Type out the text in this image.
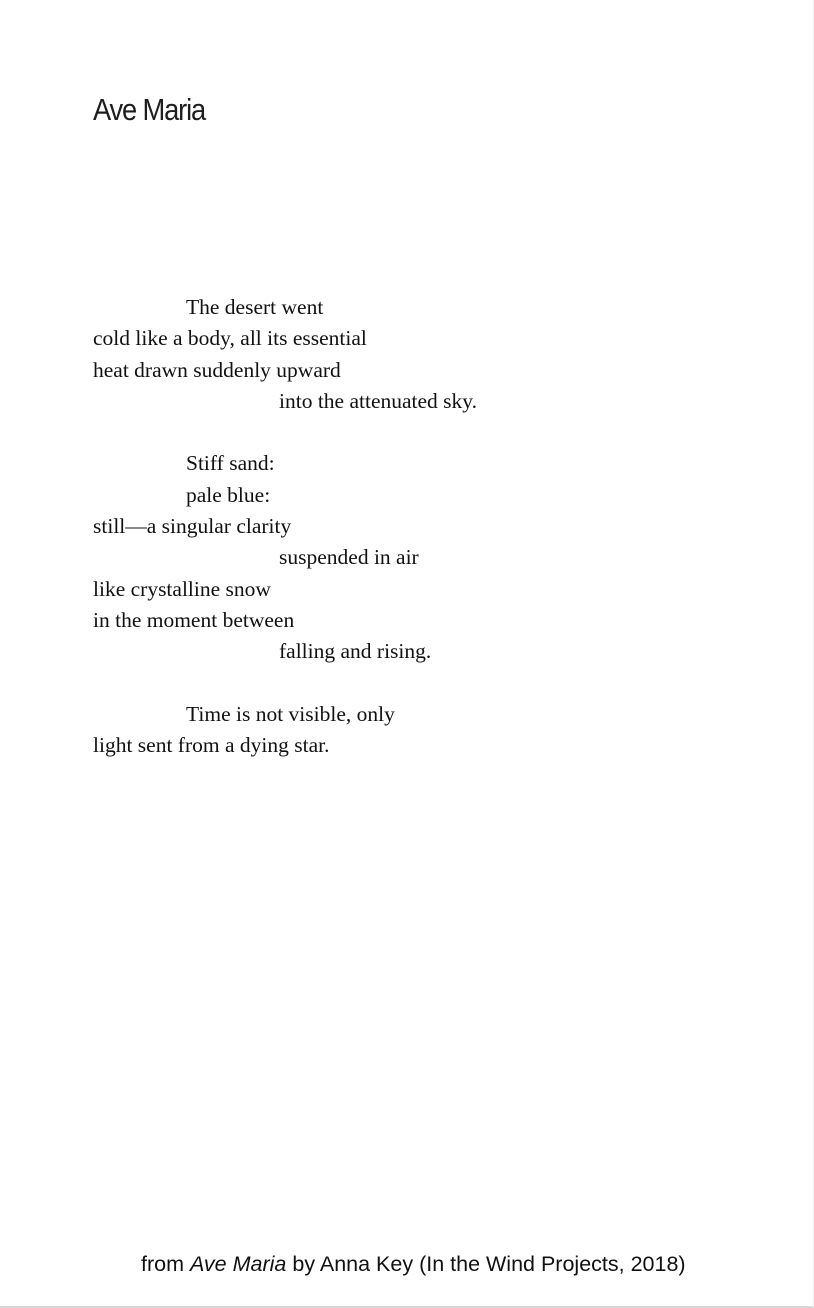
Ave Maria
The desert went
cold like a body, all its essential
heat drawn suddenly upward
into the attenuated sky.
Stiff sand:
pale blue:
still—a singular clarity
suspended in air
like crystalline snow
in the moment between
falling and rising.
Time is not visible, only
light sent from a dying star.
from Ave Maria by Anna Key (In the Wind Projects, 2018)
